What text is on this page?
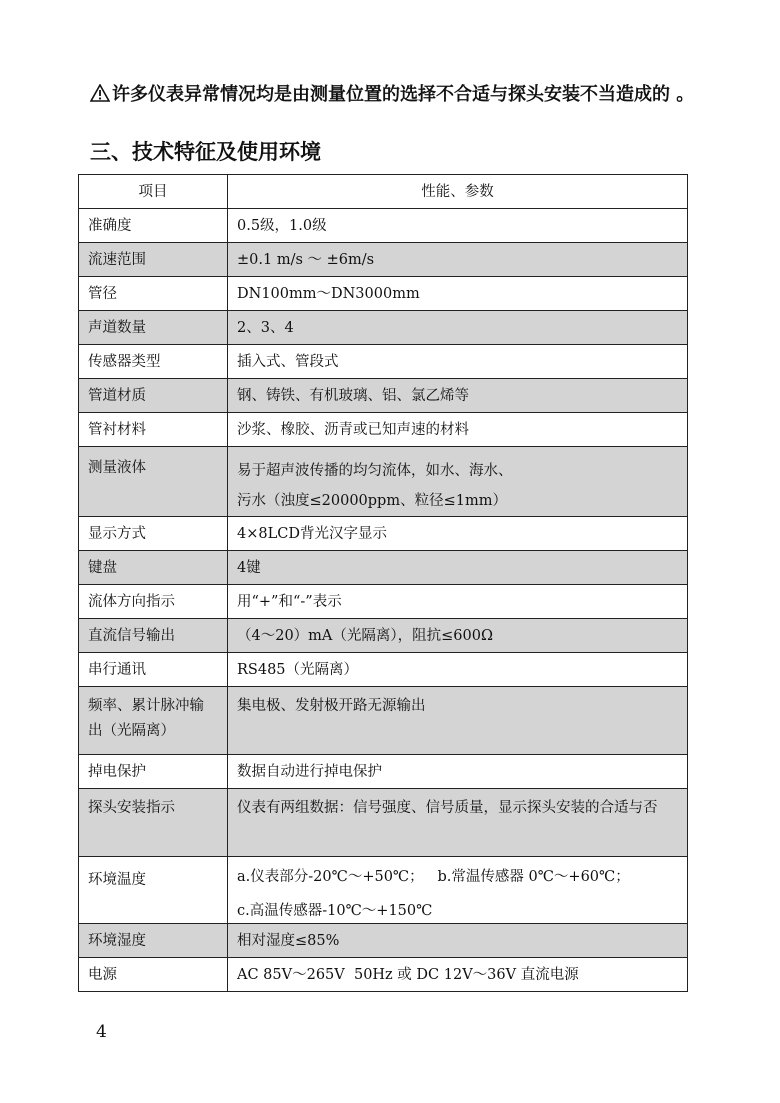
许多仪表异常情况均是由测量位置的选择不合适与探头安装不当造成的 。
三、技术特征及使用环境
项目	性能、参数
准确度	0.5级，1.0级
流速范围	±0.1 m/s ～ ±6m/s
管径	DN100mm～DN3000mm
声道数量	2、3、4
传感器类型	插入式、管段式
管道材质	钢、铸铁、有机玻璃、铝、氯乙烯等
管衬材料	沙浆、橡胶、沥青或已知声速的材料
测量液体	易于超声波传播的均匀流体，如水、海水、
污水（浊度≤20000ppm、粒径≤1mm）

显示方式	4×8LCD背光汉字显示
键盘	4键
流体方向指示	用“+”和“-”表示
直流信号输出	（4～20）mA（光隔离），阻抗≤600Ω
串行通讯	RS485（光隔离）
频率、累计脉冲输出（光隔离）	集电极、发射极开路无源输出
掉电保护	数据自动进行掉电保护
探头安装指示	仪表有两组数据：信号强度、信号质量，显示探头安装的合适与否
环境温度	a.仪表部分-20℃～+50℃；   b.常温传感器 0℃～+60℃；
c.高温传感器-10℃～+150℃

环境湿度	相对湿度≤85%
电源	AC 85V～265V  50Hz 或 DC 12V～36V 直流电源
4
